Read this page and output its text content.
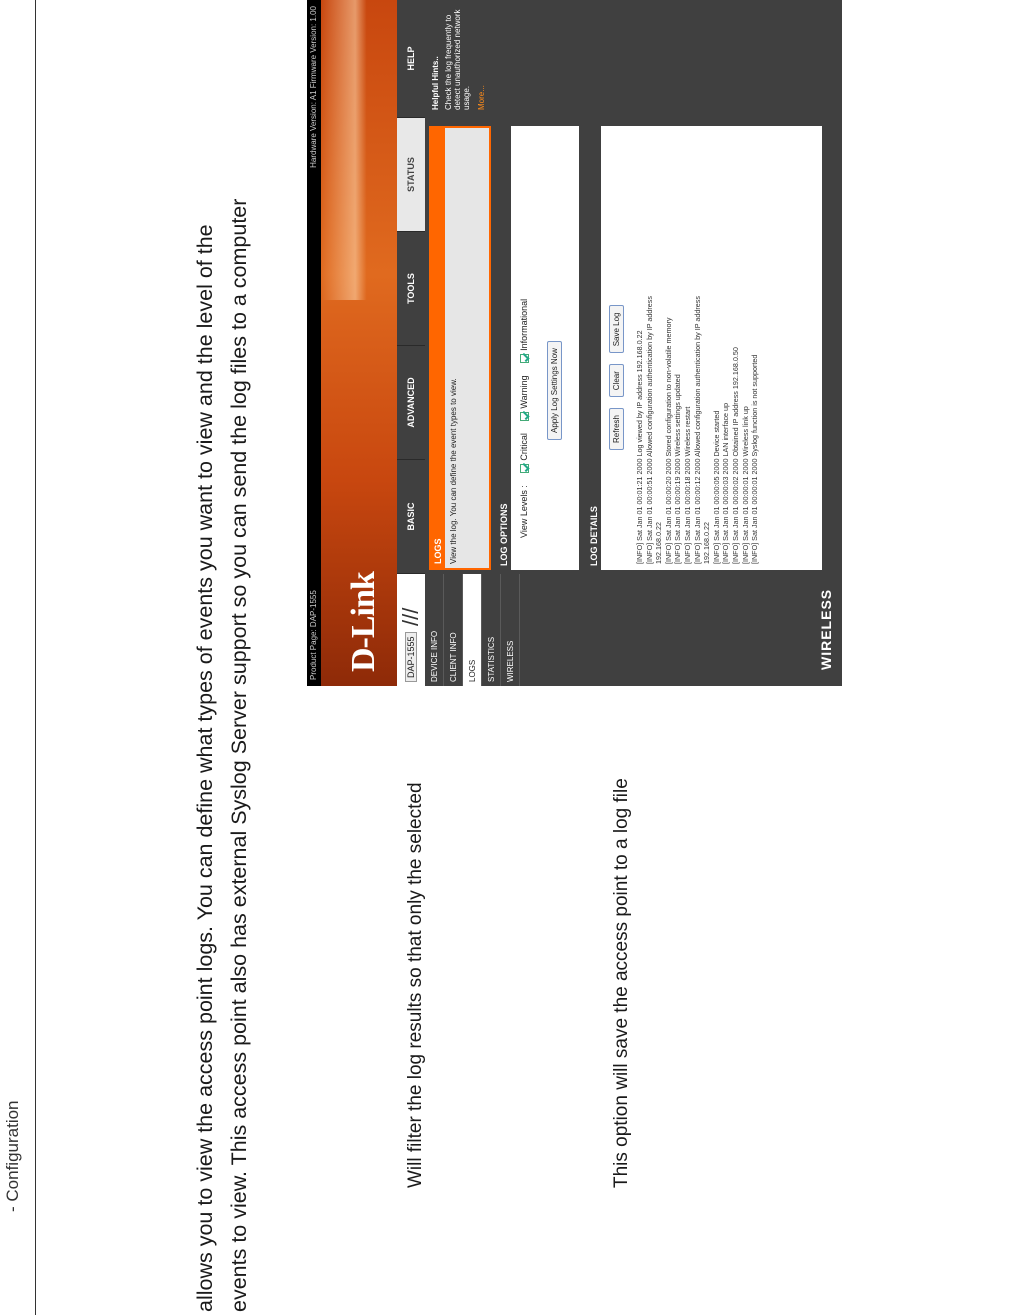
- Configuration	allows you to view the access point logs. You can define what types of events you want to view and the level of the events to view. This access point also has external Syslog Server support so you can send the log files to a computer	Will filter the log results so that only the selected	This option will save the access point to a log file
Product Page: DAP-1555
Hardware Version: A1 Firmware Version: 1.00
D-Link	DAP-1555
///
BASIC
ADVANCED
TOOLS
STATUS
HELP
DEVICE INFO	CLIENT INFO	LOGS	STATISTICS	WIRELESS	WIRELESS
LOGS View the log. You can define the event types to view.	LOG OPTIONS View Levels : Critical Warning Informational
Apply Log Settings Now
LOG DETAILS
Refresh Clear Save Log
[INFO] Sat Jan 01 00:01:21 2000 Log viewed by IP address 192.168.0.22 [INFO] Sat Jan 01 00:00:51 2000 Allowed configuration authentication by IP address 192.168.0.22 [INFO] Sat Jan 01 00:00:20 2000 Stored configuration to non-volatile memory [INFO] Sat Jan 01 00:00:19 2000 Wireless settings updated [INFO] Sat Jan 01 00:00:18 2000 Wireless restart [INFO] Sat Jan 01 00:00:12 2000 Allowed configuration authentication by IP address 192.168.0.22 [INFO] Sat Jan 01 00:00:05 2000 Device started [INFO] Sat Jan 01 00:00:03 2000 LAN interface up [INFO] Sat Jan 01 00:00:02 2000 Obtained IP address 192.168.0.50 [INFO] Sat Jan 01 00:00:01 2000 Wireless link up [INFO] Sat Jan 01 00:00:01 2000 Syslog function is not supported
Helpful Hints.. Check the log frequently to detect unauthorized network usage. More...
